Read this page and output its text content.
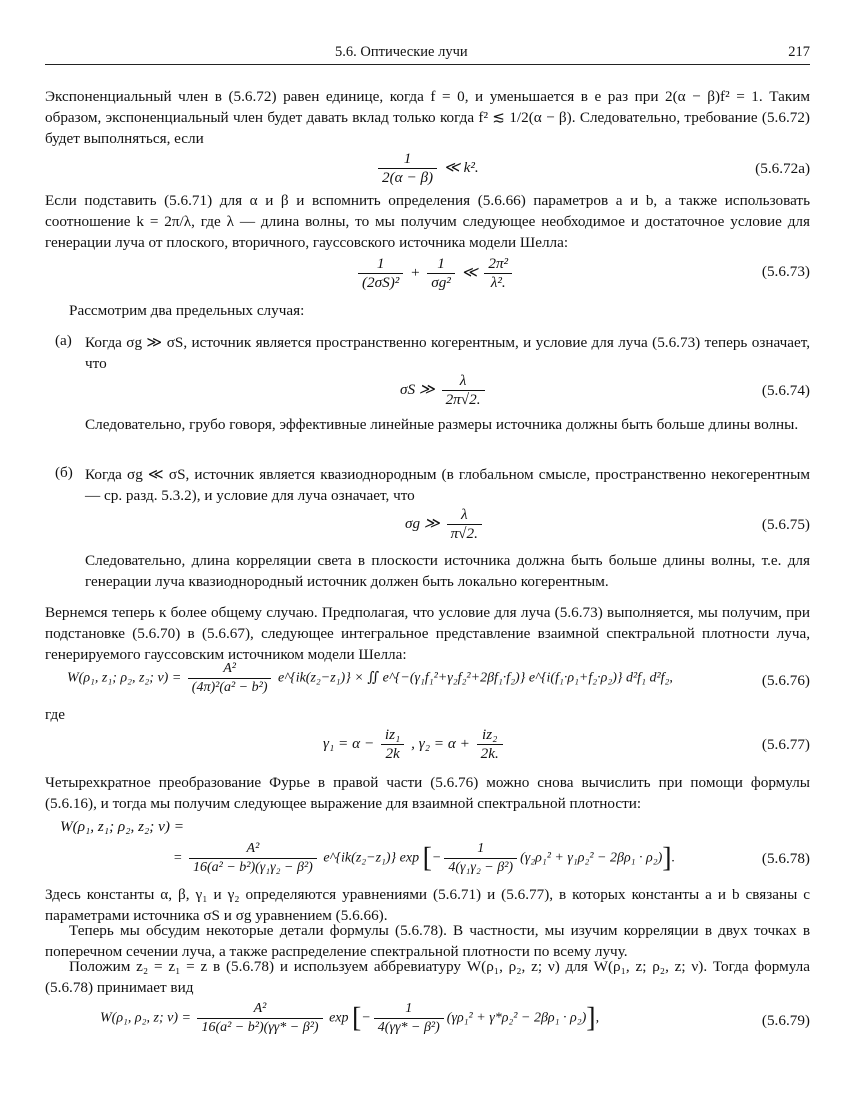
5.6. Оптические лучи	217

Экспоненциальный член в (5.6.72) равен единице, когда f = 0, и уменьшается в e раз при 2(α − β)f² = 1. Таким образом, экспоненциальный член будет давать вклад только когда f² ≲ 1/2(α − β). Следовательно, требование (5.6.72) будет выполняться, если

$\frac{1}{2(\alpha - \beta)}$ ≪ k².	(5.6.72a)

Если подставить (5.6.71) для α и β и вспомнить определения (5.6.66) параметров a и b, а также использовать соотношение k = 2π/λ, где λ — длина волны, то мы получим следующее необходимое и достаточное условие для генерации луча от плоского, вторичного, гауссовского источника модели Шелла:

$\frac{1}{\text{(2σS)²}} + \frac{1}{\text{σg²}}$ ≪ $\frac{\text{2π²}}{\text{λ².}}$	(5.6.73)

Рассмотрим два предельных случая:

(a) Когда σg ≫ σS, источник является пространственно когерентным, и условие для луча (5.6.73) теперь означает, что

σS ≫ $\frac{\lambda}{2\pi√2.}$	(5.6.74)

Следовательно, грубо говоря, эффективные линейные размеры источника должны быть больше длины волны.

(б) Когда σg ≪ σS, источник является квазиоднородным (в глобальном смысле, пространственно некогерентным — ср. разд. 5.3.2), и условие для луча означает, что

σg ≫ $\frac{\lambda}{\pi√2.}$	(5.6.75)

Следовательно, длина корреляции света в плоскости источника должна быть больше длины волны, т.е. для генерации луча квазиоднородный источник должен быть локально когерентным.

Вернемся теперь к более общему случаю. Предполагая, что условие для луча (5.6.73) выполняется, мы получим, при подстановке (5.6.70) в (5.6.67), следующее интегральное представление взаимной спектральной плотности луча, генерируемого гауссовским источником модели Шелла:

W(ρ₁, z₁; ρ₂, z₂; $\nu) = \frac{\text{A²}}{\text{(4π)²(a² − b²)}}$ e^{ik(z₂−z₁)} × ∬ e^{−(γ₁f₁²+γ₂f₂²+2βf₁·f₂)} e^{i(f₁·ρ₁+f₂·ρ₂)} d²f₁ d²f₂,	(5.6.76)

где

$\gamma_1 = \alpha - \frac{\text{iz₁}}{2k}$ , $\gamma_2 = \alpha + \frac{\text{iz₂}}{2k.}$	(5.6.77)

Четырехкратное преобразование Фурье в правой части (5.6.76) можно снова вычислить при помощи формулы (5.6.16), и тогда мы получим следующее выражение для взаимной спектральной плотности:

W(ρ₁, z₁; ρ₂, z₂; ν) =
= $\frac{\text{A²}}{\text{16(a² − b²)(γ₁γ₂ − β²)}}$ e^{ik(z₂−z₁)} exp [− $\frac{1}{\text{4(γ₁γ₂ − β²)}} (\gamma_2\rho_1^2 + \gamma_1\rho_2^2 - 2\beta\rho_1 \cdot \rho_2)$].	(5.6.78)

Здесь константы α, β, γ₁ и γ₂ определяются уравнениями (5.6.71) и (5.6.77), в которых константы a и b связаны с параметрами источника σS и σg уравнением (5.6.66).

Теперь мы обсудим некоторые детали формулы (5.6.78). В частности, мы изучим корреляции в двух точках в поперечном сечении луча, а также распределение спектральной плотности по всему лучу.

Положим z₂ = z₁ = z в (5.6.78) и используем аббревиатуру W(ρ₁, ρ₂, z; ν) для W(ρ₁, z; ρ₂, z; ν). Тогда формула (5.6.78) принимает вид

W(ρ₁, ρ₂, z; $\nu) = \frac{\text{A²}}{\text{16(a² − b²)(γγ* − β²)}}$ exp [− $\frac{1}{\text{4(γγ* − β²)}} (\gamma\rho_1^2 + \gamma*\rho_2^2 - 2\beta\rho_1 \cdot \rho_2)$],	(5.6.79)
